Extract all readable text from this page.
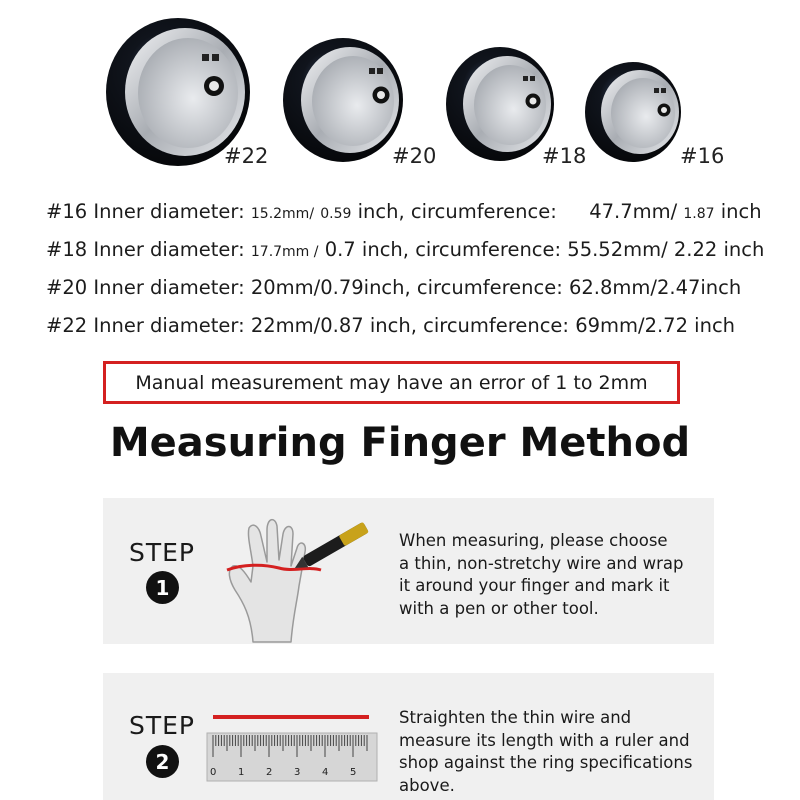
#22	#20	#18	#16
#16 Inner diameter: 15.2mm/ 0.59 inch, circumference: 47.7mm/ 1.87 inch
#18 Inner diameter: 17.7mm / 0.7 inch, circumference: 55.52mm/ 2.22 inch
#20 Inner diameter: 20mm/0.79inch, circumference: 62.8mm/2.47inch
#22 Inner diameter: 22mm/0.87 inch, circumference: 69mm/2.72 inch
Manual measurement may have an error of 1 to 2mm
Measuring Finger Method
STEP
1
When measuring, please choose
a thin, non-stretchy wire and wrap
it around your finger and mark it
with a pen or other tool.
STEP
2	0 1 2 3 4 5
Straighten the thin wire and
measure its length with a ruler and
shop against the ring specifications
above.
